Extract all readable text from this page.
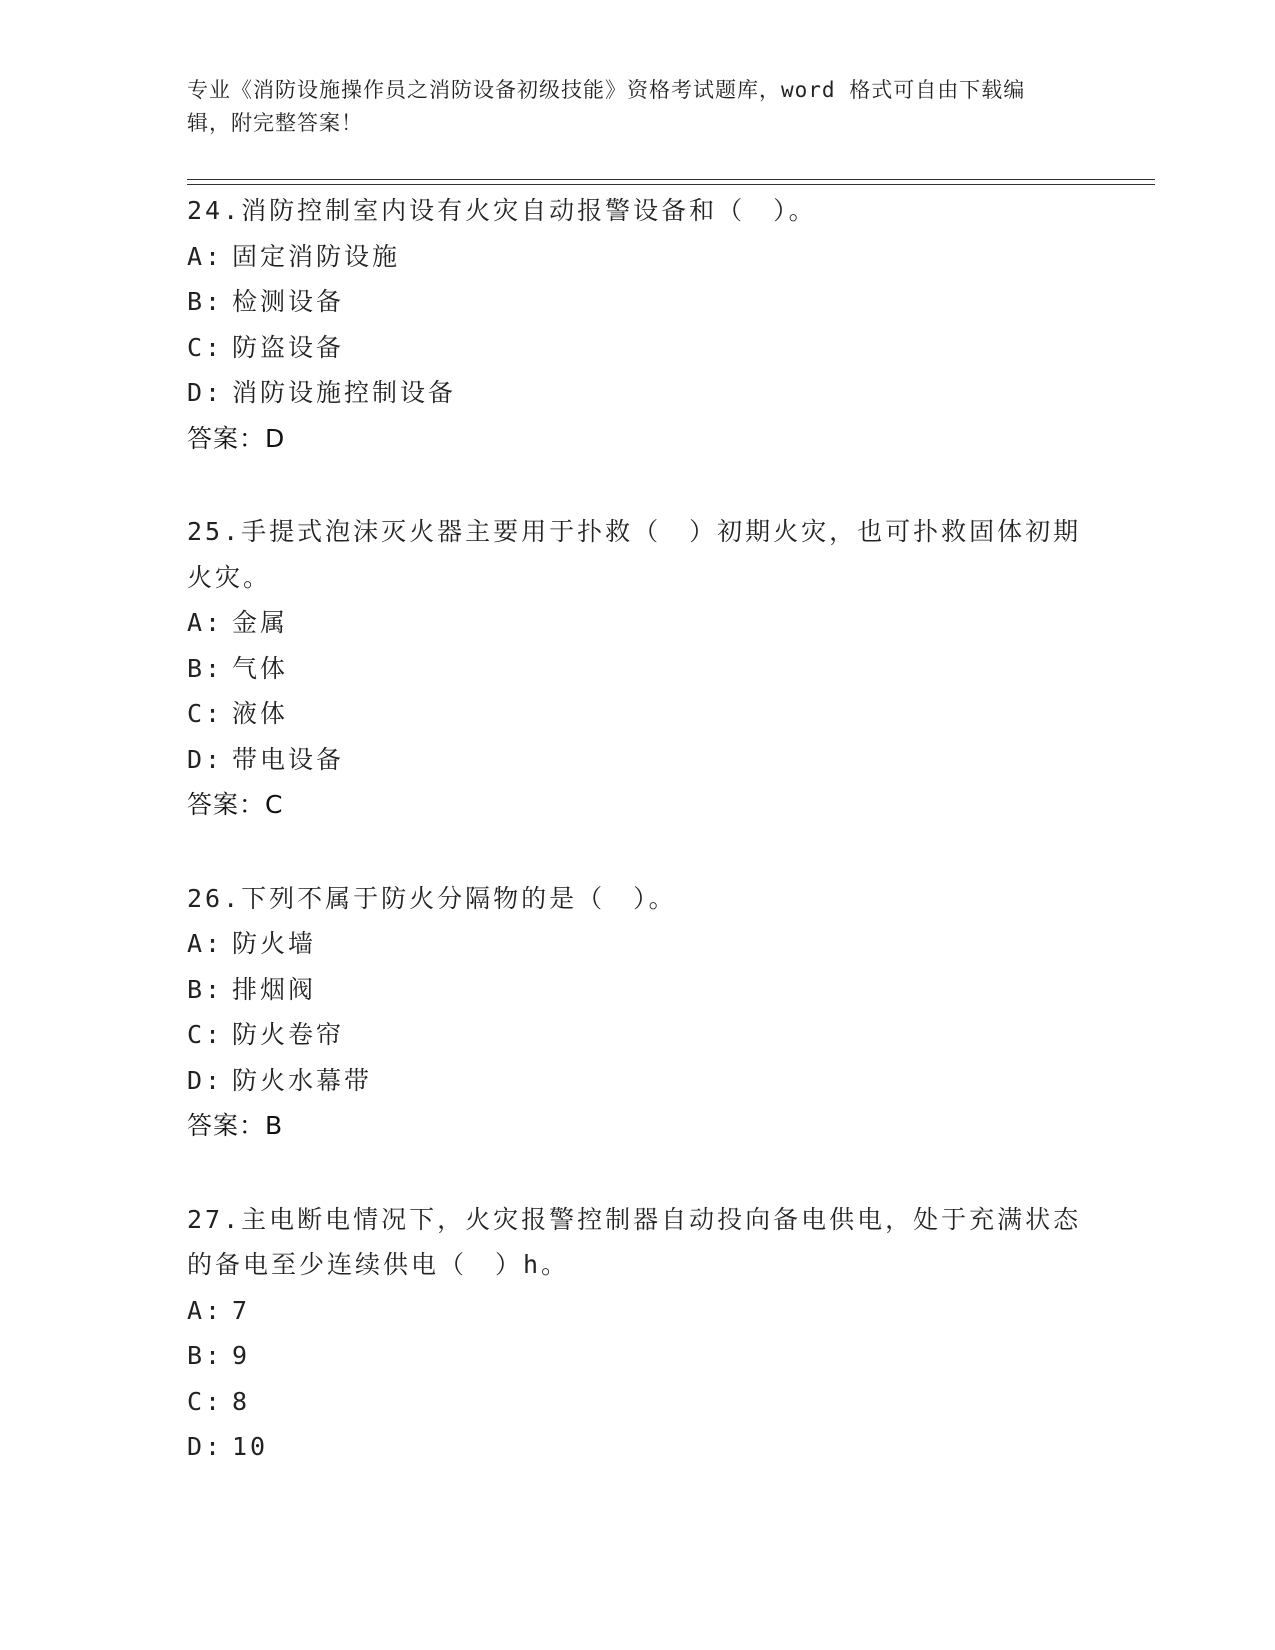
专业《消防设施操作员之消防设备初级技能》资格考试题库，word 格式可自由下载编辑，附完整答案！
24.消防控制室内设有火灾自动报警设备和（　）。
A: 固定消防设施
B: 检测设备
C: 防盗设备
D: 消防设施控制设备
答案：D
25.手提式泡沫灭火器主要用于扑救（　）初期火灾，也可扑救固体初期火灾。
A: 金属
B: 气体
C: 液体
D: 带电设备
答案：C
26.下列不属于防火分隔物的是（　）。
A: 防火墙
B: 排烟阀
C: 防火卷帘
D: 防火水幕带
答案：B
27.主电断电情况下，火灾报警控制器自动投向备电供电，处于充满状态的备电至少连续供电（　）h。
A: 7
B: 9
C: 8
D: 10
